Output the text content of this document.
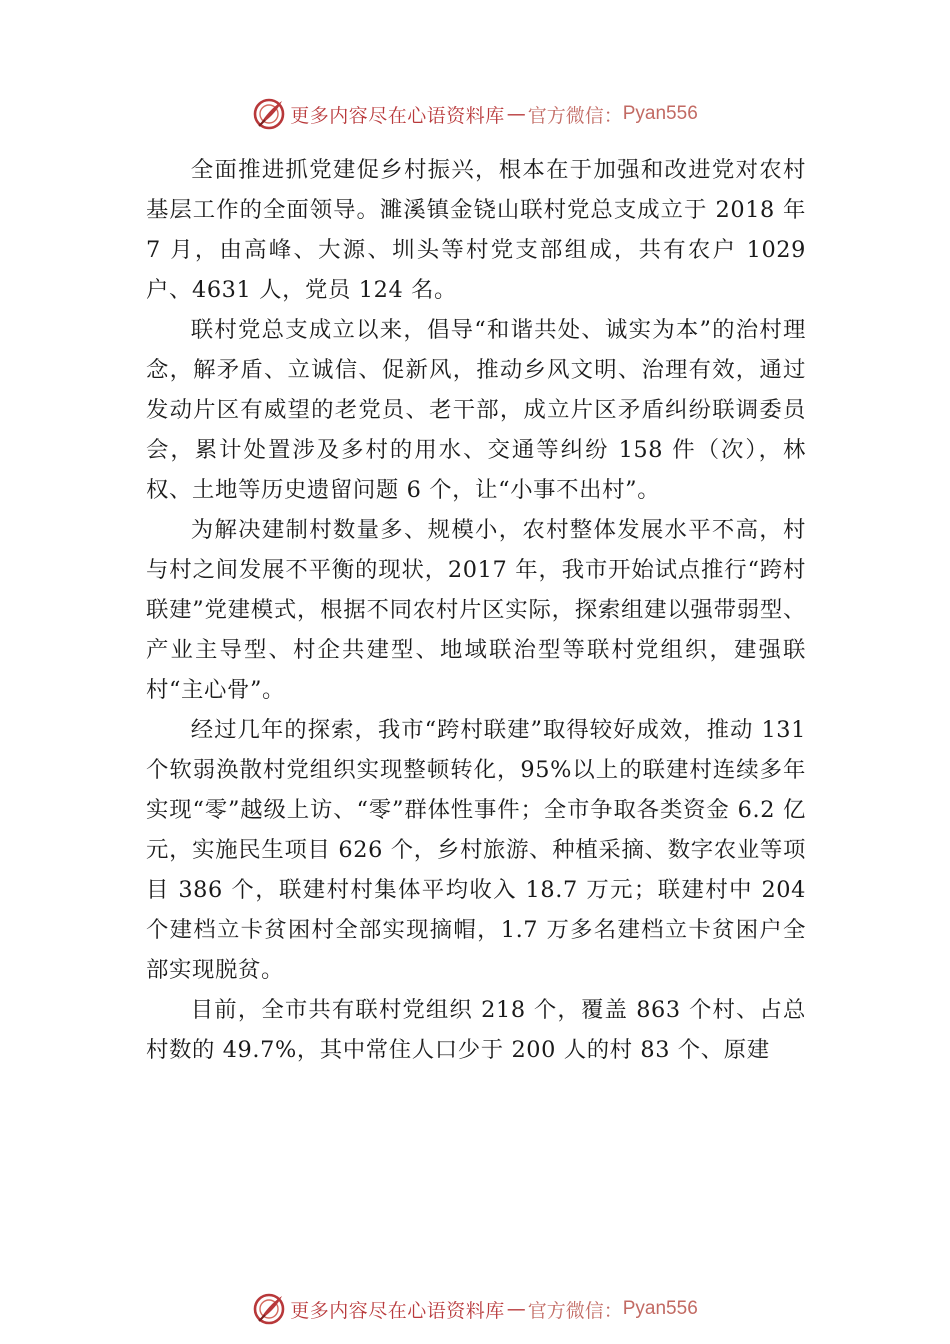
更多内容尽在心语资料库 — 官方微信： Pyan556

全面推进抓党建促乡村振兴，根本在于加强和改进党对农村基层工作的全面领导。濉溪镇金铙山联村党总支成立于 2018 年 7 月，由高峰、大源、圳头等村党支部组成，共有农户 1029 户、4631 人，党员 124 名。

联村党总支成立以来，倡导“和谐共处、诚实为本”的治村理念，解矛盾、立诚信、促新风，推动乡风文明、治理有效，通过发动片区有威望的老党员、老干部，成立片区矛盾纠纷联调委员会，累计处置涉及多村的用水、交通等纠纷 158 件（次），林权、土地等历史遗留问题 6 个，让“小事不出村”。

为解决建制村数量多、规模小，农村整体发展水平不高，村与村之间发展不平衡的现状，2017 年，我市开始试点推行“跨村联建”党建模式，根据不同农村片区实际，探索组建以强带弱型、产业主导型、村企共建型、地域联治型等联村党组织，建强联村“主心骨”。

经过几年的探索，我市“跨村联建”取得较好成效，推动 131 个软弱涣散村党组织实现整顿转化，95%以上的联建村连续多年实现“零”越级上访、“零”群体性事件；全市争取各类资金 6.2 亿元，实施民生项目 626 个，乡村旅游、种植采摘、数字农业等项目 386 个，联建村村集体平均收入 18.7 万元；联建村中 204 个建档立卡贫困村全部实现摘帽，1.7 万多名建档立卡贫困户全部实现脱贫。

目前，全市共有联村党组织 218 个，覆盖 863 个村、占总村数的 49.7%，其中常住人口少于 200 人的村 83 个、原建

更多内容尽在心语资料库 — 官方微信： Pyan556
